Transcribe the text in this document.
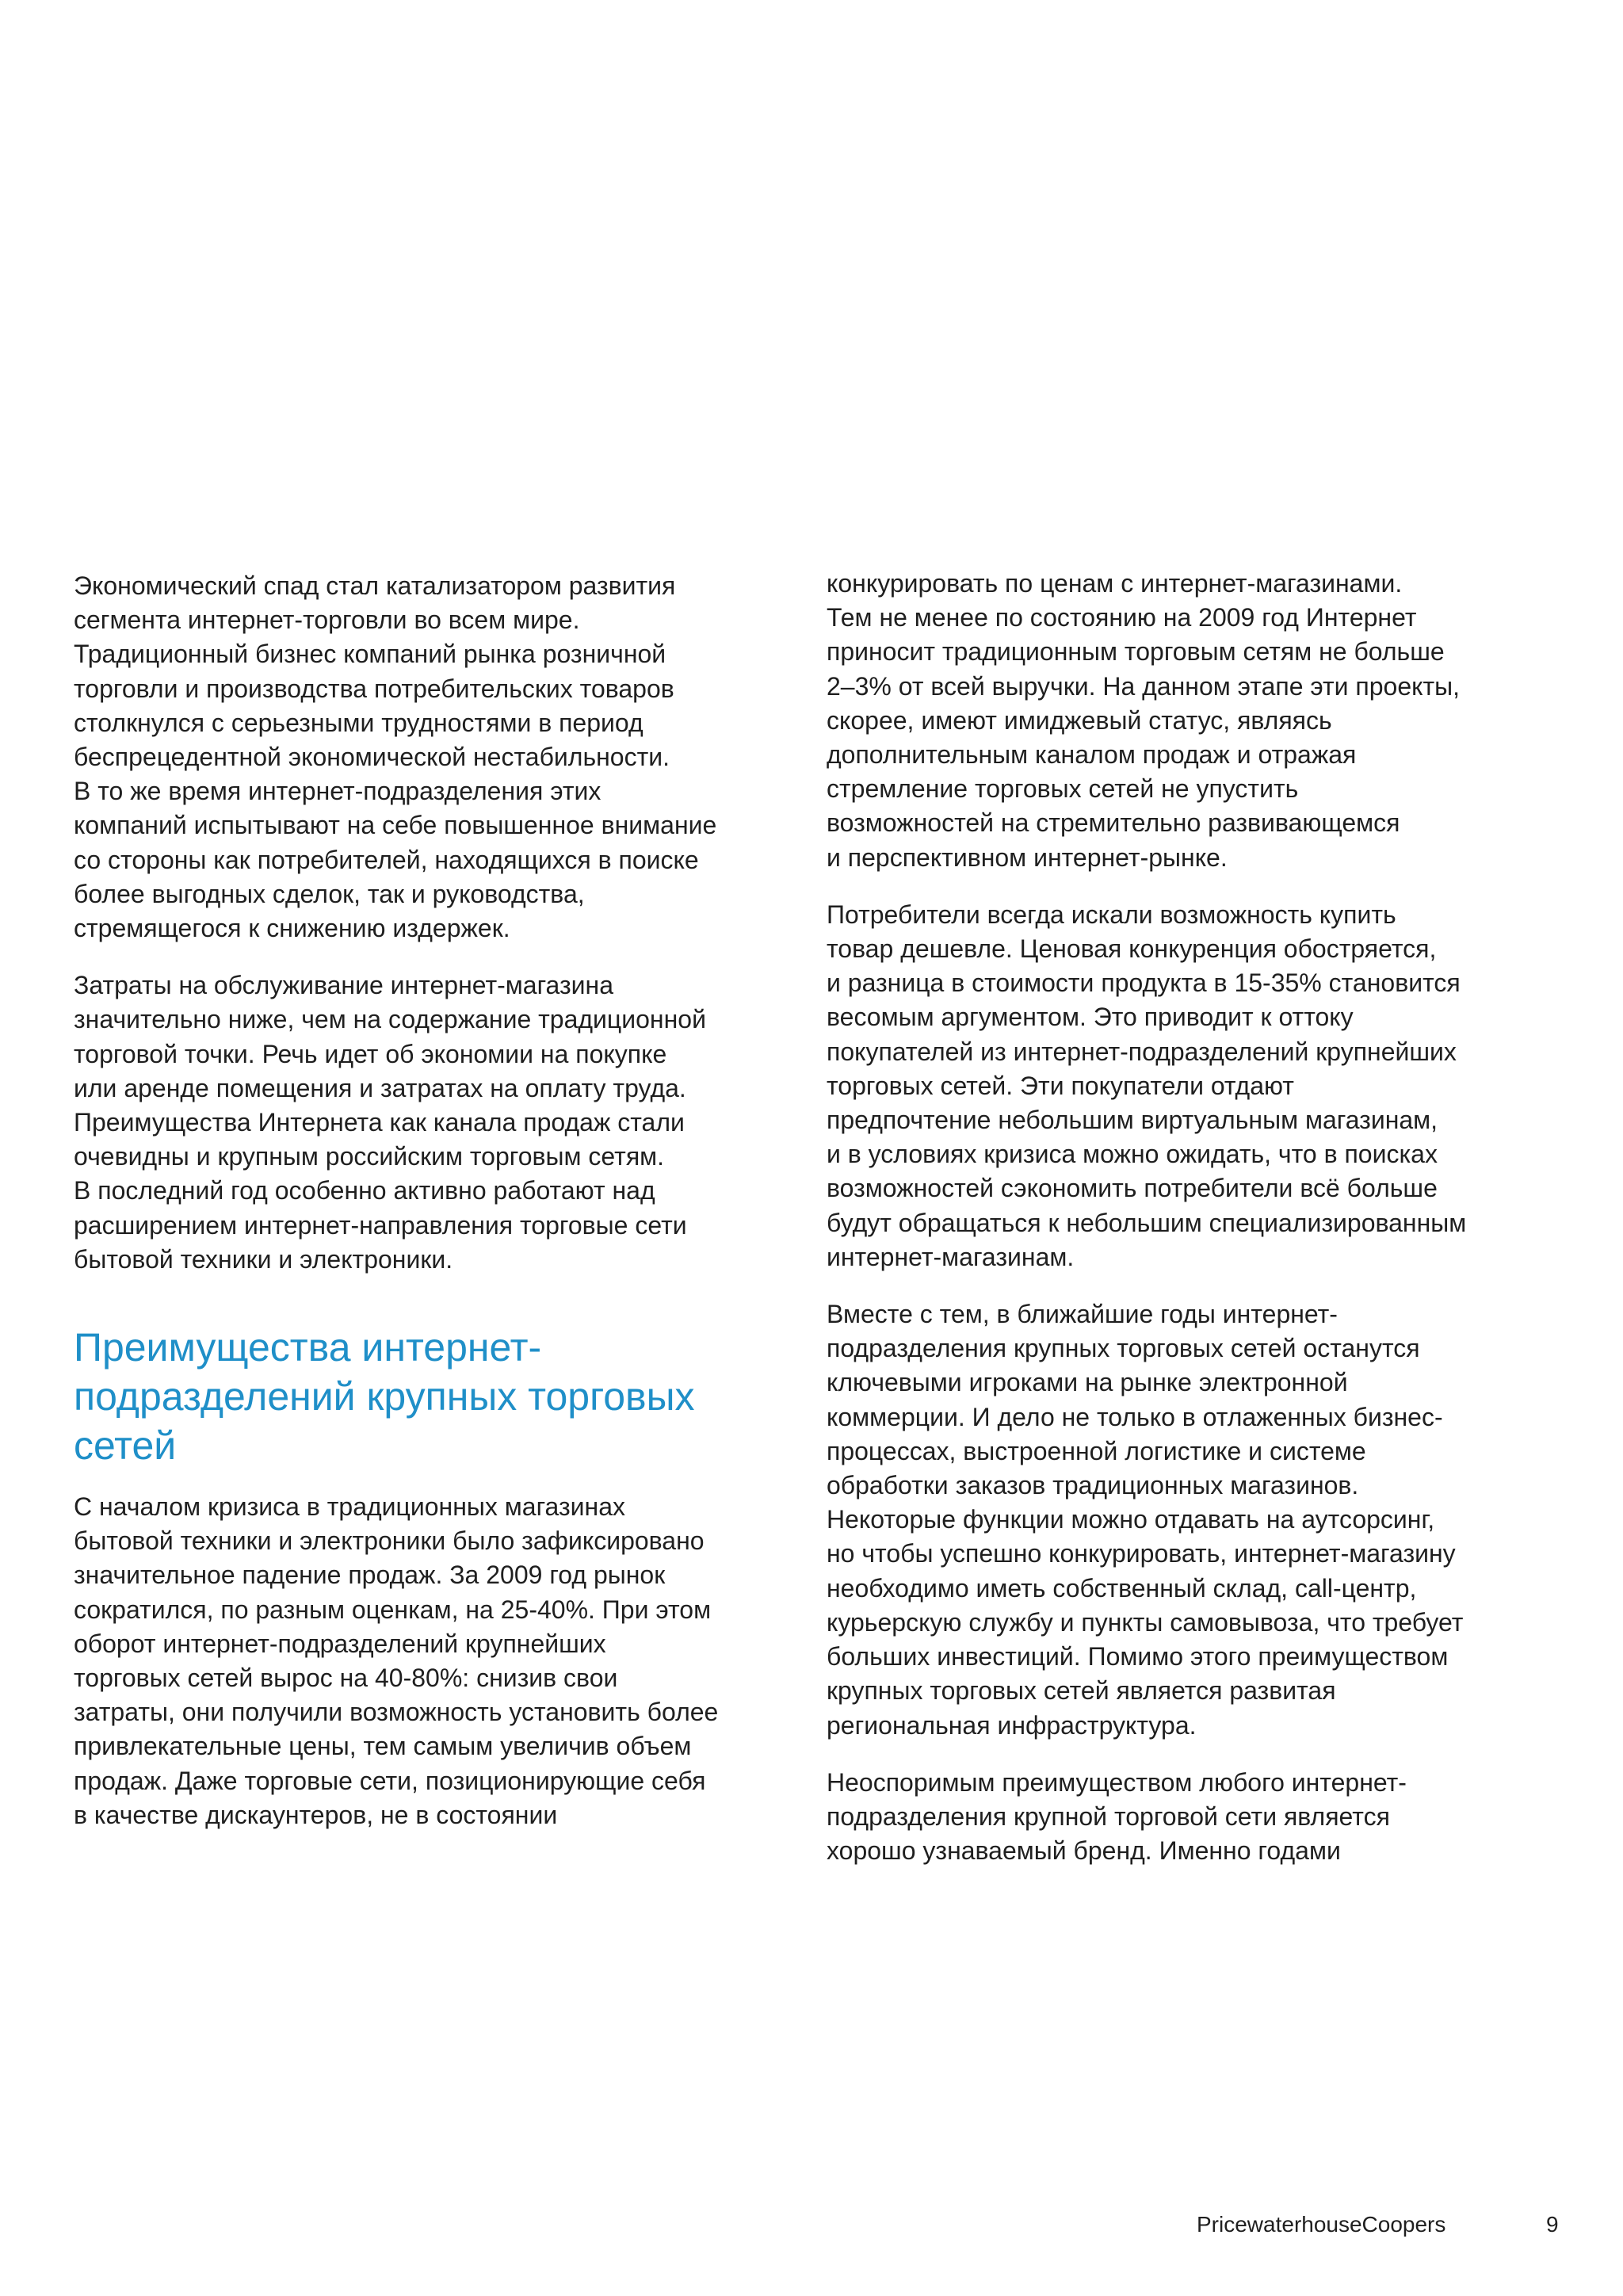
Экономический спад стал катализатором развития
сегмента интернет-торговли во всем мире.
Традиционный бизнес компаний рынка розничной
торговли и производства потребительских товаров
столкнулся с серьезными трудностями в период
беспрецедентной экономической нестабильности.
В то же время интернет-подразделения этих
компаний испытывают на себе повышенное внимание
со стороны как потребителей, находящихся в поиске
более выгодных сделок, так и руководства,
стремящегося к снижению издержек.

Затраты на обслуживание интернет-магазина
значительно ниже, чем на содержание традиционной
торговой точки. Речь идет об экономии на покупке
или аренде помещения и затратах на оплату труда.
Преимущества Интернета как канала продаж стали
очевидны и крупным российским торговым сетям.
В последний год особенно активно работают над
расширением интернет-направления торговые сети
бытовой техники и электроники.

Преимущества интернет-
подразделений крупных торговых
сетей

С началом кризиса в традиционных магазинах
бытовой техники и электроники было зафиксировано
значительное падение продаж. За 2009 год рынок
сократился, по разным оценкам, на 25-40%. При этом
оборот интернет-подразделений крупнейших
торговых сетей вырос на 40-80%: снизив свои
затраты, они получили возможность установить более
привлекательные цены, тем самым увеличив объем
продаж. Даже торговые сети, позиционирующие себя
в качестве дискаунтеров, не в состоянии

конкурировать по ценам с интернет-магазинами.
Тем не менее по состоянию на 2009 год Интернет
приносит традиционным торговым сетям не больше
2–3% от всей выручки. На данном этапе эти проекты,
скорее, имеют имиджевый статус, являясь
дополнительным каналом продаж и отражая
стремление торговых сетей не упустить
возможностей на стремительно развивающемся
и перспективном интернет-рынке.

Потребители всегда искали возможность купить
товар дешевле. Ценовая конкуренция обостряется,
и разница в стоимости продукта в 15-35% становится
весомым аргументом. Это приводит к оттоку
покупателей из интернет-подразделений крупнейших
торговых сетей. Эти покупатели отдают
предпочтение небольшим виртуальным магазинам,
и в условиях кризиса можно ожидать, что в поисках
возможностей сэкономить потребители всё больше
будут обращаться к небольшим специализированным
интернет-магазинам.

Вместе с тем, в ближайшие годы интернет-
подразделения крупных торговых сетей останутся
ключевыми игроками на рынке электронной
коммерции. И дело не только в отлаженных бизнес-
процессах, выстроенной логистике и системе
обработки заказов традиционных магазинов.
Некоторые функции можно отдавать на аутсорсинг,
но чтобы успешно конкурировать, интернет-магазину
необходимо иметь собственный склад, call-центр,
курьерскую службу и пункты самовывоза, что требует
больших инвестиций. Помимо этого преимуществом
крупных торговых сетей является развитая
региональная инфраструктура.

Неоспоримым преимуществом любого интернет-
подразделения крупной торговой сети является
хорошо узнаваемый бренд. Именно годами

PricewaterhouseCoopers	9
